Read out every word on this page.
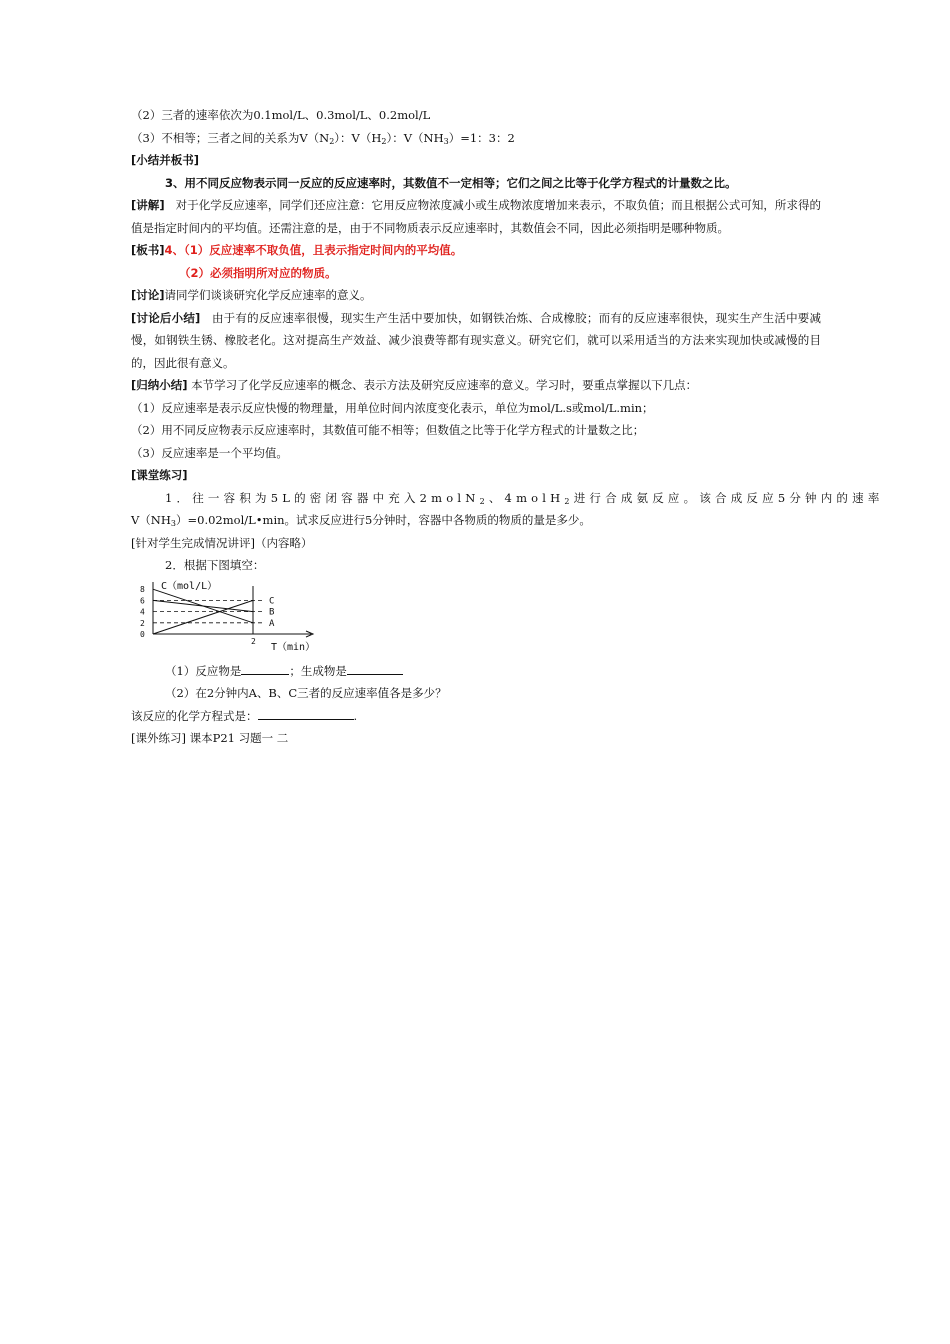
（2）三者的速率依次为0.1mol/L、0.3mol/L、0.2mol/L
（3）不相等；三者之间的关系为$V(N_2)$：$V(H_2)$：$V(NH_3)=1$：3：2
[小结并板书]
3、用不同反应物表示同一反应的反应速率时，其数值不一定相等；它们之间之比等于化学方程式的计量数之比。
[讲解] 对于化学反应速率，同学们还应注意：它用反应物浓度减小或生成物浓度增加来表示，不取负值；而且根据公式可知，所求得的值是指定时间内的平均值。还需注意的是，由于不同物质表示反应速率时，其数值会不同，因此必须指明是哪种物质。
[板书]4、（1）反应速率不取负值，且表示指定时间内的平均值。
（2）必须指明所对应的物质。
[讨论]请同学们谈谈研究化学反应速率的意义。
[讨论后小结] 由于有的反应速率很慢，现实生产生活中要加快，如钢铁冶炼、合成橡胶；而有的反应速率很快，现实生产生活中要减慢，如钢铁生锈、橡胶老化。这对提高生产效益、减少浪费等都有现实意义。研究它们，就可以采用适当的方法来实现加快或减慢的目的，因此很有意义。
[归纳小结] 本节学习了化学反应速率的概念、表示方法及研究反应速率的意义。学习时，要重点掌握以下几点：
（1）反应速率是表示反应快慢的物理量，用单位时间内浓度变化表示，单位为mol/L.s或mol/L.min；
（2）用不同反应物表示反应速率时，其数值可能不相等；但数值之比等于化学方程式的计量数之比；
（3）反应速率是一个平均值。
[课堂练习]
1．往一容积为5L的密闭容器中充入2molN$_2$、4molH$_2$进行合成氨反应。该合成反应5分钟内的速率
$V(NH_3)=0.02mol/L•\min$。试求反应进行5分钟时，容器中各物质的物质的量是多少。
[针对学生完成情况讲评]（内容略）
2．根据下图填空：
C（mol/L）
T（min）
8
6
4
2
0
2
A
B
C
（1）反应物是	；生成物是
（2）在2分钟内A、B、C三者的反应速率值各是多少？
该反应的化学方程式是：	.
[课外练习] 课本P21 习题一 二
